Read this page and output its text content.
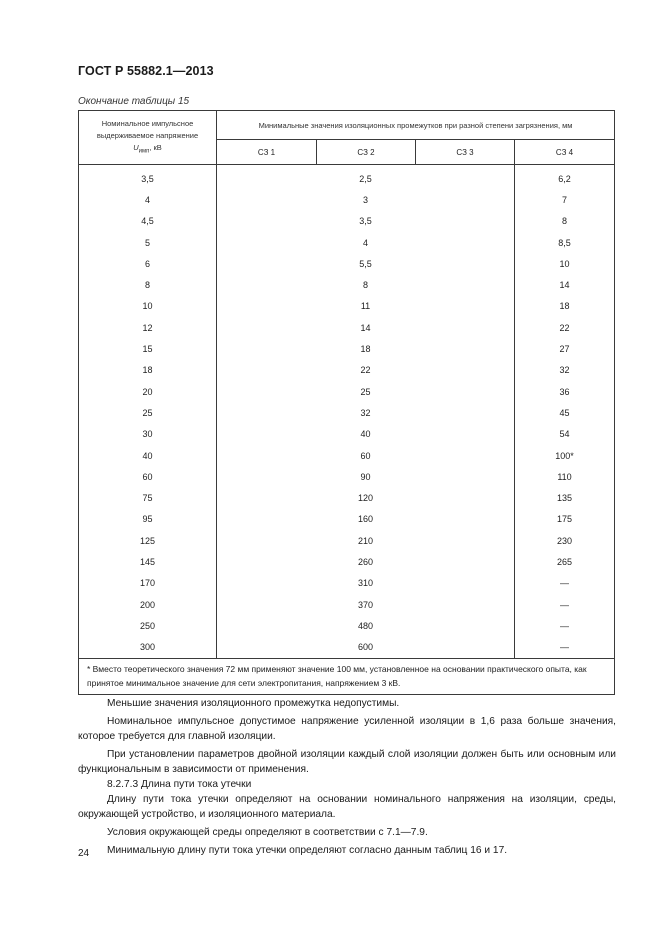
ГОСТ Р 55882.1—2013
Окончание таблицы 15
Номинальное импульсное
выдерживаемое напряжение
$U_{имп}$, кВ	Минимальные значения изоляционных промежутков при разной степени загрязнения, мм			
	СЗ 1	СЗ 2	СЗ 3	СЗ 4

3,5	2,5			6,2
4	3			7
4,5	3,5			8
5	4			8,5
6	5,5			10
8	8			14
10	11			18
12	14			22
15	18			27
18	22			32
20	25			36
25	32			45
30	40			54
40	60			100*
60	90			110
75	120			135
95	160			175
125	210			230
145	260			265
170	310			—
200	370			—
250	480			—
300	600			—
* Вместо теоретического значения 72 мм применяют значение 100 мм, установленное на основании практического опыта, как принятое минимальное значение для сети электропитания, напряжением 3 кВ.				

Меньшие значения изоляционного промежутка недопустимы.

Номинальное импульсное допустимое напряжение усиленной изоляции в 1,6 раза больше значения, которое требуется для главной изоляции.

При установлении параметров двойной изоляции каждый слой изоляции должен быть или основным или функциональным в зависимости от применения.

8.2.7.3 Длина пути тока утечки

Длину пути тока утечки определяют на основании номинального напряжения на изоляции, среды, окружающей устройство, и изоляционного материала.

Условия окружающей среды определяют в соответствии с 7.1—7.9.

Минимальную длину пути тока утечки определяют согласно данным таблиц 16 и 17.

24
